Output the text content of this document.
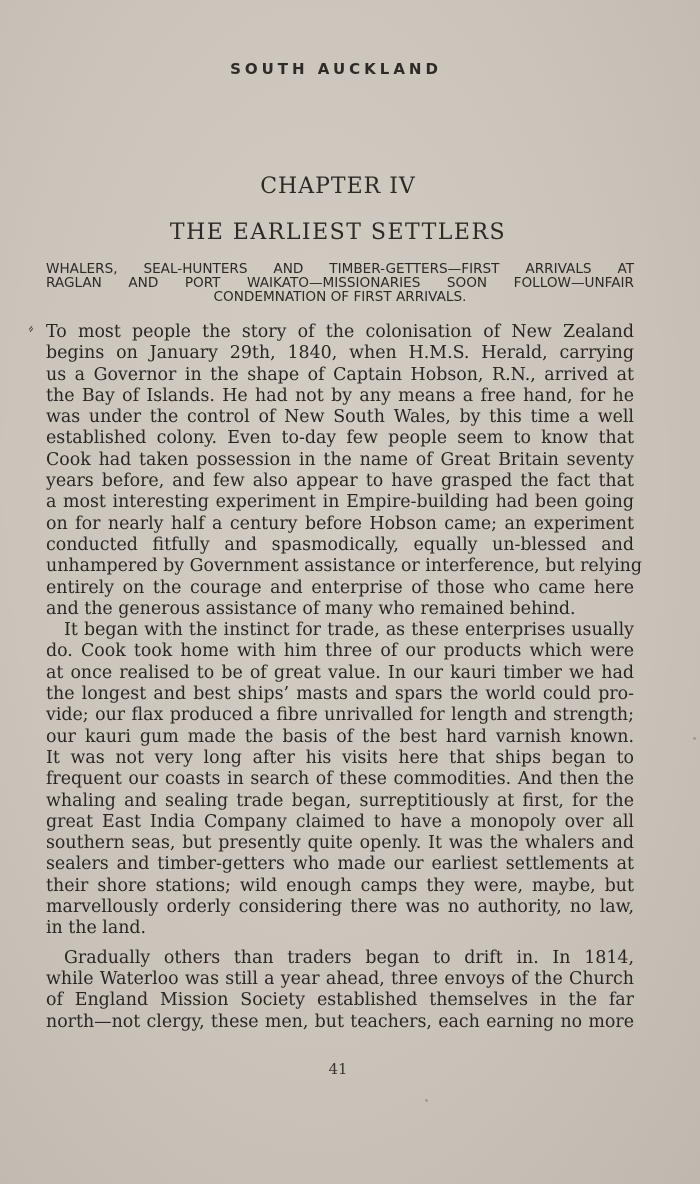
SOUTH AUCKLAND
CHAPTER IV
THE EARLIEST SETTLERS
WHALERS, SEAL-HUNTERS AND TIMBER-GETTERS—FIRST ARRIVALS AT
RAGLAN AND PORT WAIKATO—MISSIONARIES SOON FOLLOW—UNFAIR
CONDEMNATION OF FIRST ARRIVALS.
⸗ To most people the story of the colonisation of New Zealand
begins on January 29th, 1840, when H.M.S. Herald, carrying
us a Governor in the shape of Captain Hobson, R.N., arrived at
the Bay of Islands. He had not by any means a free hand, for he
was under the control of New South Wales, by this time a well
established colony. Even to-day few people seem to know that
Cook had taken possession in the name of Great Britain seventy
years before, and few also appear to have grasped the fact that
a most interesting experiment in Empire-building had been going
on for nearly half a century before Hobson came; an experiment
conducted fitfully and spasmodically, equally un-blessed and
unhampered by Government assistance or interference, but relying
entirely on the courage and enterprise of those who came here
and the generous assistance of many who remained behind.
It began with the instinct for trade, as these enterprises usually
do. Cook took home with him three of our products which were
at once realised to be of great value. In our kauri timber we had
the longest and best ships’ masts and spars the world could pro-
vide; our flax produced a fibre unrivalled for length and strength;
our kauri gum made the basis of the best hard varnish known.
It was not very long after his visits here that ships began to
frequent our coasts in search of these commodities. And then the
whaling and sealing trade began, surreptitiously at first, for the
great East India Company claimed to have a monopoly over all
southern seas, but presently quite openly. It was the whalers and
sealers and timber-getters who made our earliest settlements at
their shore stations; wild enough camps they were, maybe, but
marvellously orderly considering there was no authority, no law,
in the land.
Gradually others than traders began to drift in. In 1814,
while Waterloo was still a year ahead, three envoys of the Church
of England Mission Society established themselves in the far
north—not clergy, these men, but teachers, each earning no more
41
